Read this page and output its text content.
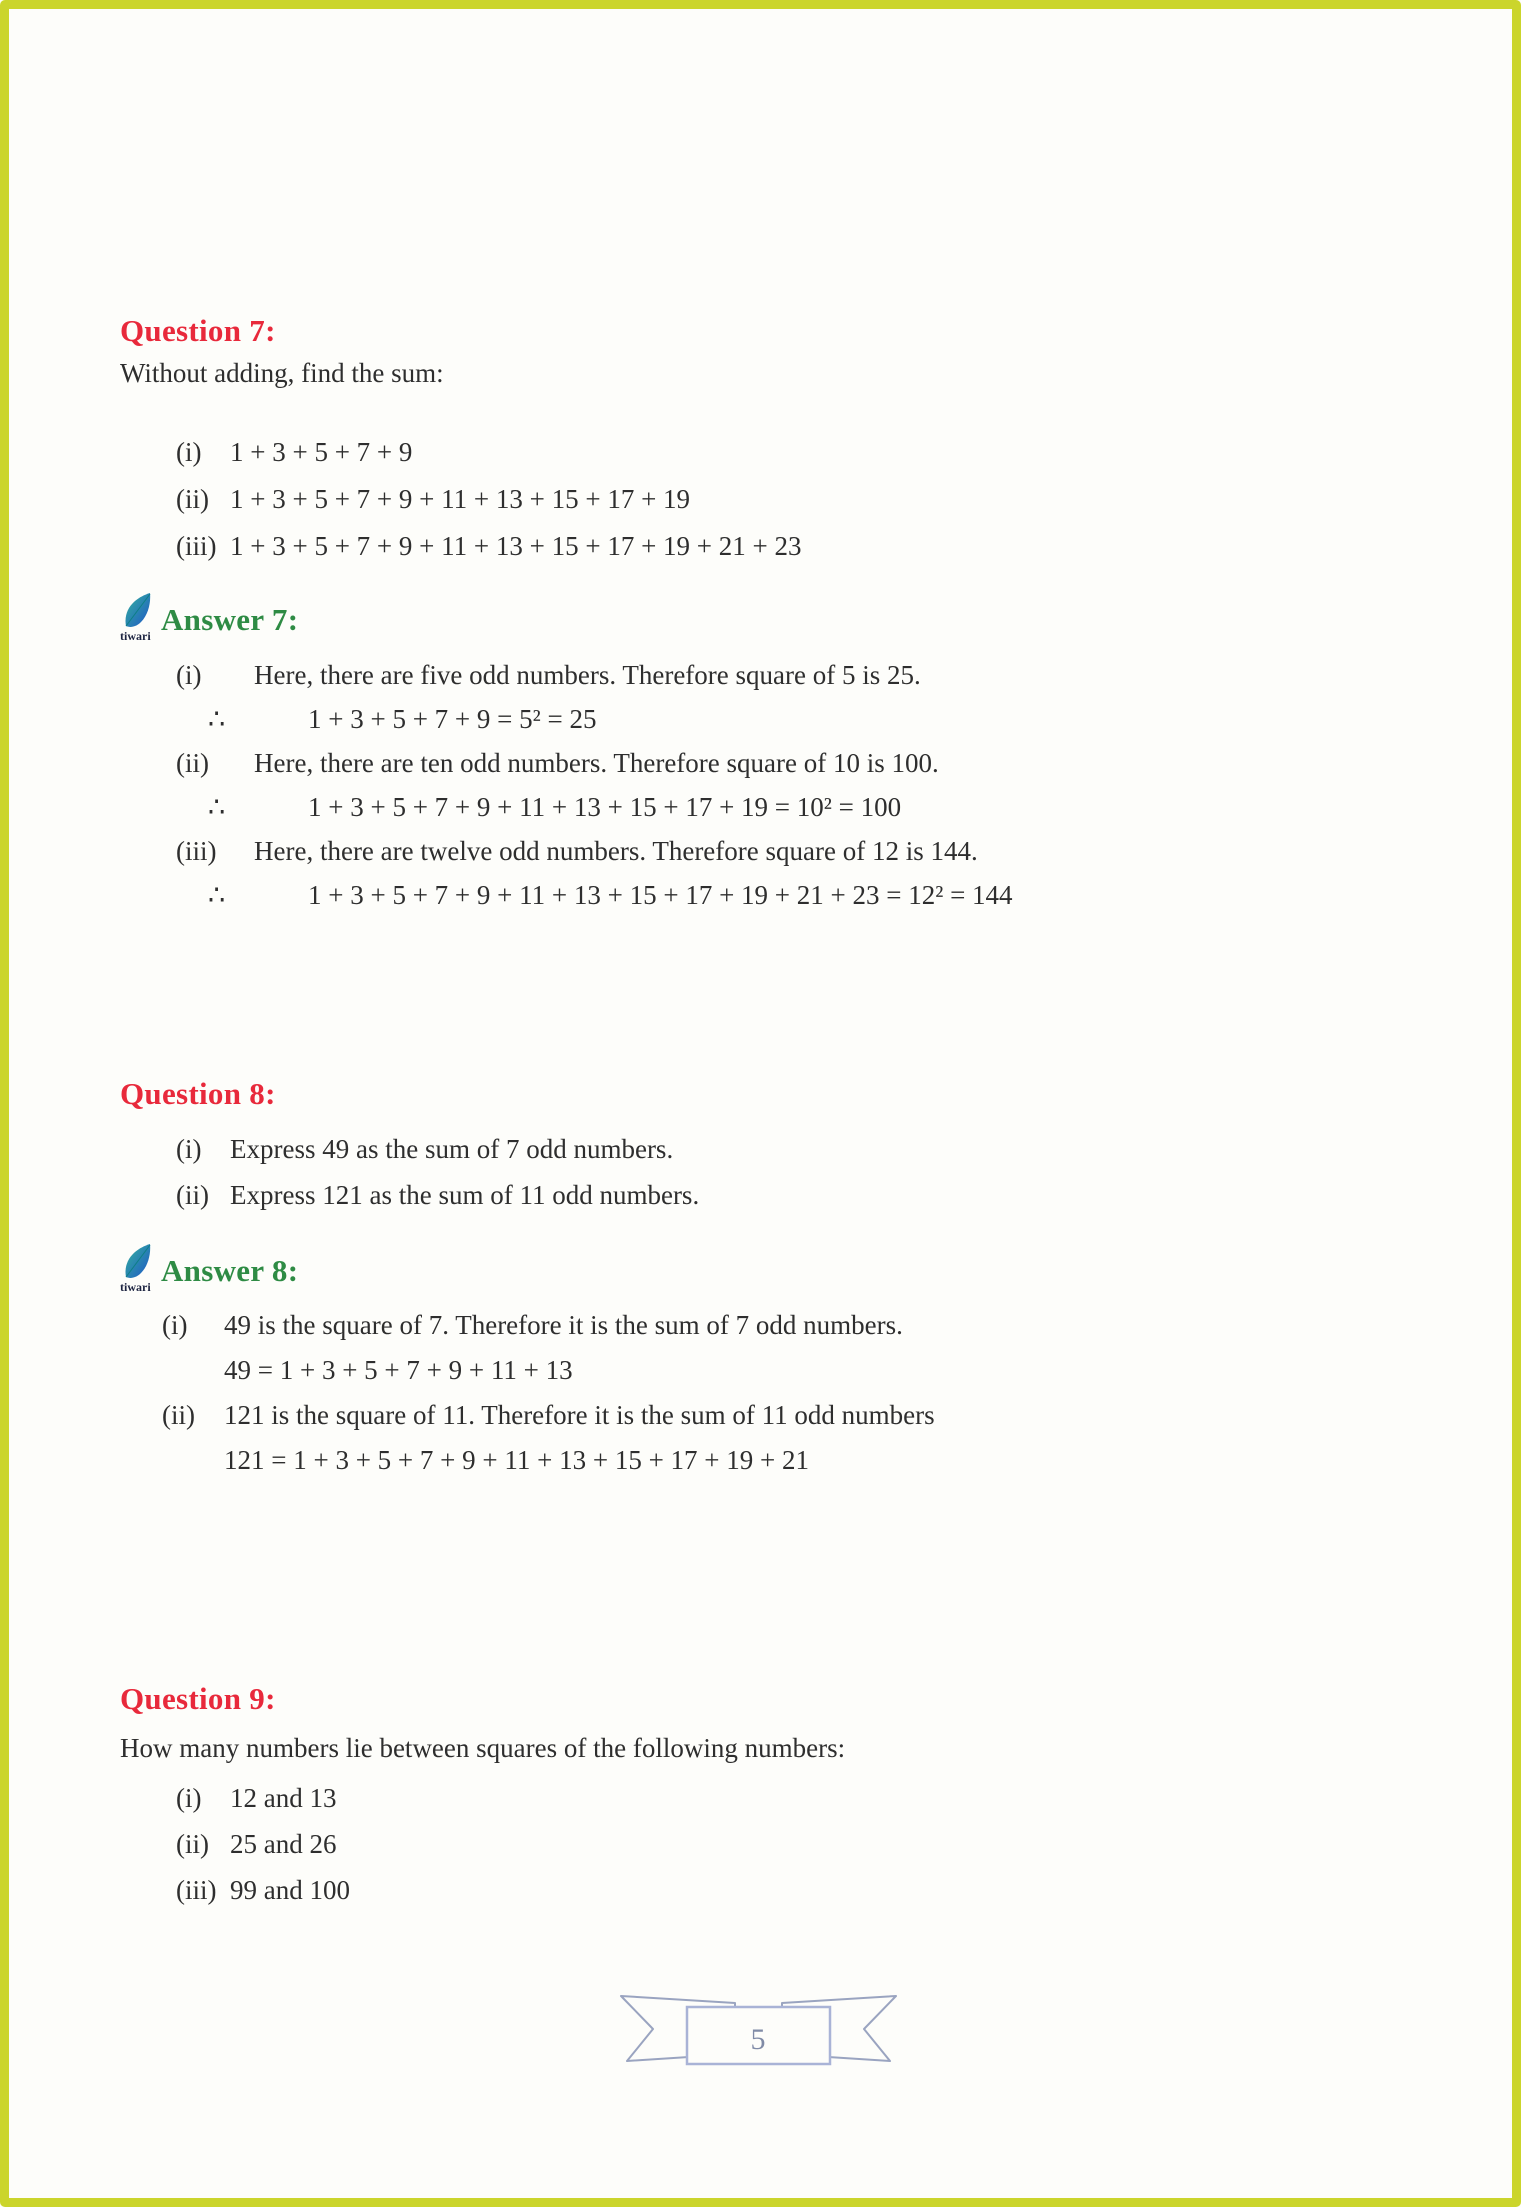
Question 7:

Without adding, find the sum:

(i)	1 + 3 + 5 + 7 + 9
(ii) 1 + 3 + 5 + 7 + 9 + 11 + 13 + 15 + 17 + 19
(iii) 1 + 3 + 5 + 7 + 9 + 11 + 13 + 15 + 17 + 19 + 21 + 23
tiwari Answer 7:
(i)	Here, there are five odd numbers. Therefore square of 5 is 25.
∴	1 + 3 + 5 + 7 + 9 = 5² = 25
(ii)	Here, there are ten odd numbers. Therefore square of 10 is 100.
∴	1 + 3 + 5 + 7 + 9 + 11 + 13 + 15 + 17 + 19 = 10² = 100
(iii)	Here, there are twelve odd numbers. Therefore square of 12 is 144.
∴	1 + 3 + 5 + 7 + 9 + 11 + 13 + 15 + 17 + 19 + 21 + 23 = 12² = 144
Question 8:
(i)	Express 49 as the sum of 7 odd numbers.
(ii) Express 121 as the sum of 11 odd numbers.
tiwari Answer 8:
(i)	49 is the square of 7. Therefore it is the sum of 7 odd numbers.
49 = 1 + 3 + 5 + 7 + 9 + 11 + 13
(ii)	121 is the square of 11. Therefore it is the sum of 11 odd numbers
121 = 1 + 3 + 5 + 7 + 9 + 11 + 13 + 15 + 17 + 19 + 21
Question 9:

How many numbers lie between squares of the following numbers:

(i)	12 and 13
(ii) 25 and 26
(iii) 99 and 100
5
